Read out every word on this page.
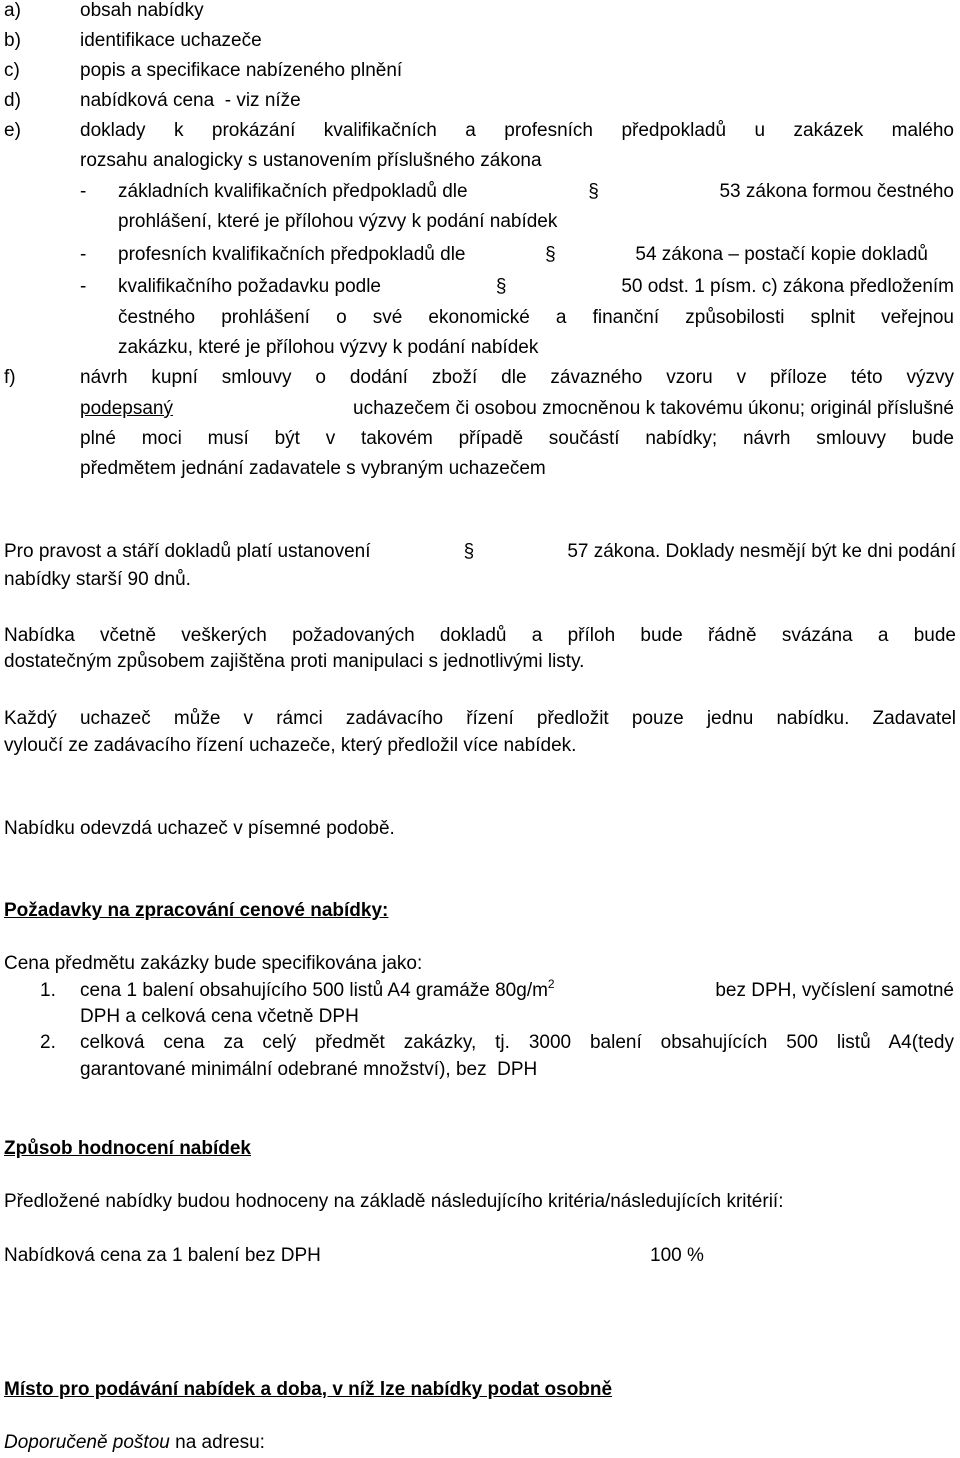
a)	obsah nabídky
b)	identifikace uchazeče
c)	popis a specifikace nabízeného plnění
d)	nabídková cena  - viz níže
e)	doklady k prokázání kvalifikačních a profesních předpokladů u zakázek malého
rozsahu analogicky s ustanovením příslušného zákona
- základních kvalifikačních předpokladů dle	§	53 zákona formou čestného
prohlášení, které je přílohou výzvy k podání nabídek
- profesních kvalifikačních předpokladů dle	§	54 zákona – postačí kopie dokladů
- kvalifikačního požadavku podle	§	50 odst. 1 písm. c) zákona předložením
čestného prohlášení o své ekonomické a finanční způsobilosti splnit veřejnou
zakázku, které je přílohou výzvy k podání nabídek
f)	návrh kupní smlouvy o dodání zboží dle závazného vzoru v příloze této výzvy
podepsaný	uchazečem či osobou zmocněnou k takovému úkonu; originál příslušné
plné moci musí být v takovém případě součástí nabídky; návrh smlouvy bude
předmětem jednání zadavatele s vybraným uchazečem
Pro pravost a stáří dokladů platí ustanovení	§	57 zákona. Doklady nesmějí být ke dni podání
nabídky starší 90 dnů.
Nabídka včetně veškerých požadovaných dokladů a příloh bude řádně svázána a bude
dostatečným způsobem zajištěna proti manipulaci s jednotlivými listy.
Každý uchazeč může v rámci zadávacího řízení předložit pouze jednu nabídku. Zadavatel
vyloučí ze zadávacího řízení uchazeče, který předložil více nabídek.
Nabídku odevzdá uchazeč v písemné podobě.
Požadavky na zpracování cenové nabídky:
Cena předmětu zakázky bude specifikována jako:
1. cena 1 balení obsahujícího 500 listů A4 gramáže $80g/m^2$	bez DPH, vyčíslení samotné
DPH a celková cena včetně DPH
2. celková cena za celý předmět zakázky, tj. 3000 balení obsahujících 500 listů A4(tedy
garantované minimální odebrané množství), bez  DPH
Způsob hodnocení nabídek
Předložené nabídky budou hodnoceny na základě následujícího kritéria/následujících kritérií:
Nabídková cena za 1 balení bez DPH	100 %
Místo pro podávání nabídek a doba, v níž lze nabídky podat osobně
Doporučeně poštou na adresu:
